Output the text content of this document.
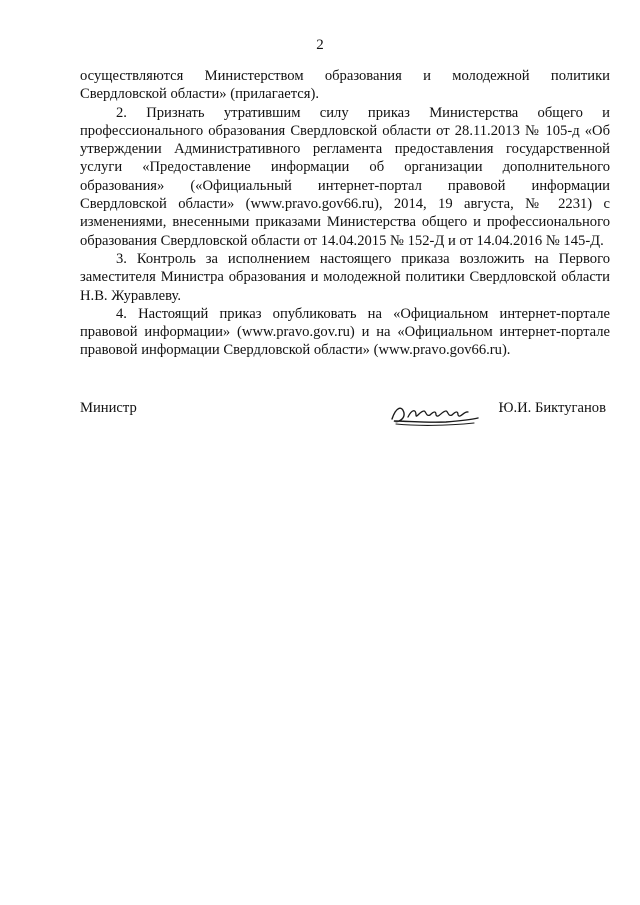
2

осуществляются Министерством образования и молодежной политики Свердловской области» (прилагается).

2. Признать утратившим силу приказ Министерства общего и профессионального образования Свердловской области от 28.11.2013 № 105-д «Об утверждении Административного регламента предоставления государственной услуги «Предоставление информации об организации дополнительного образования» («Официальный интернет-портал правовой информации Свердловской области» (www.pravo.gov66.ru), 2014, 19 августа, № 2231) с изменениями, внесенными приказами Министерства общего и профессионального образования Свердловской области от 14.04.2015 № 152-Д и от 14.04.2016 № 145-Д.

3. Контроль за исполнением настоящего приказа возложить на Первого заместителя Министра образования и молодежной политики Свердловской области Н.В. Журавлеву.

4. Настоящий приказ опубликовать на «Официальном интернет-портале правовой информации» (www.pravo.gov.ru) и на «Официальном интернет-портале правовой информации Свердловской области» (www.pravo.gov66.ru).

Министр	Ю.И. Биктуганов
